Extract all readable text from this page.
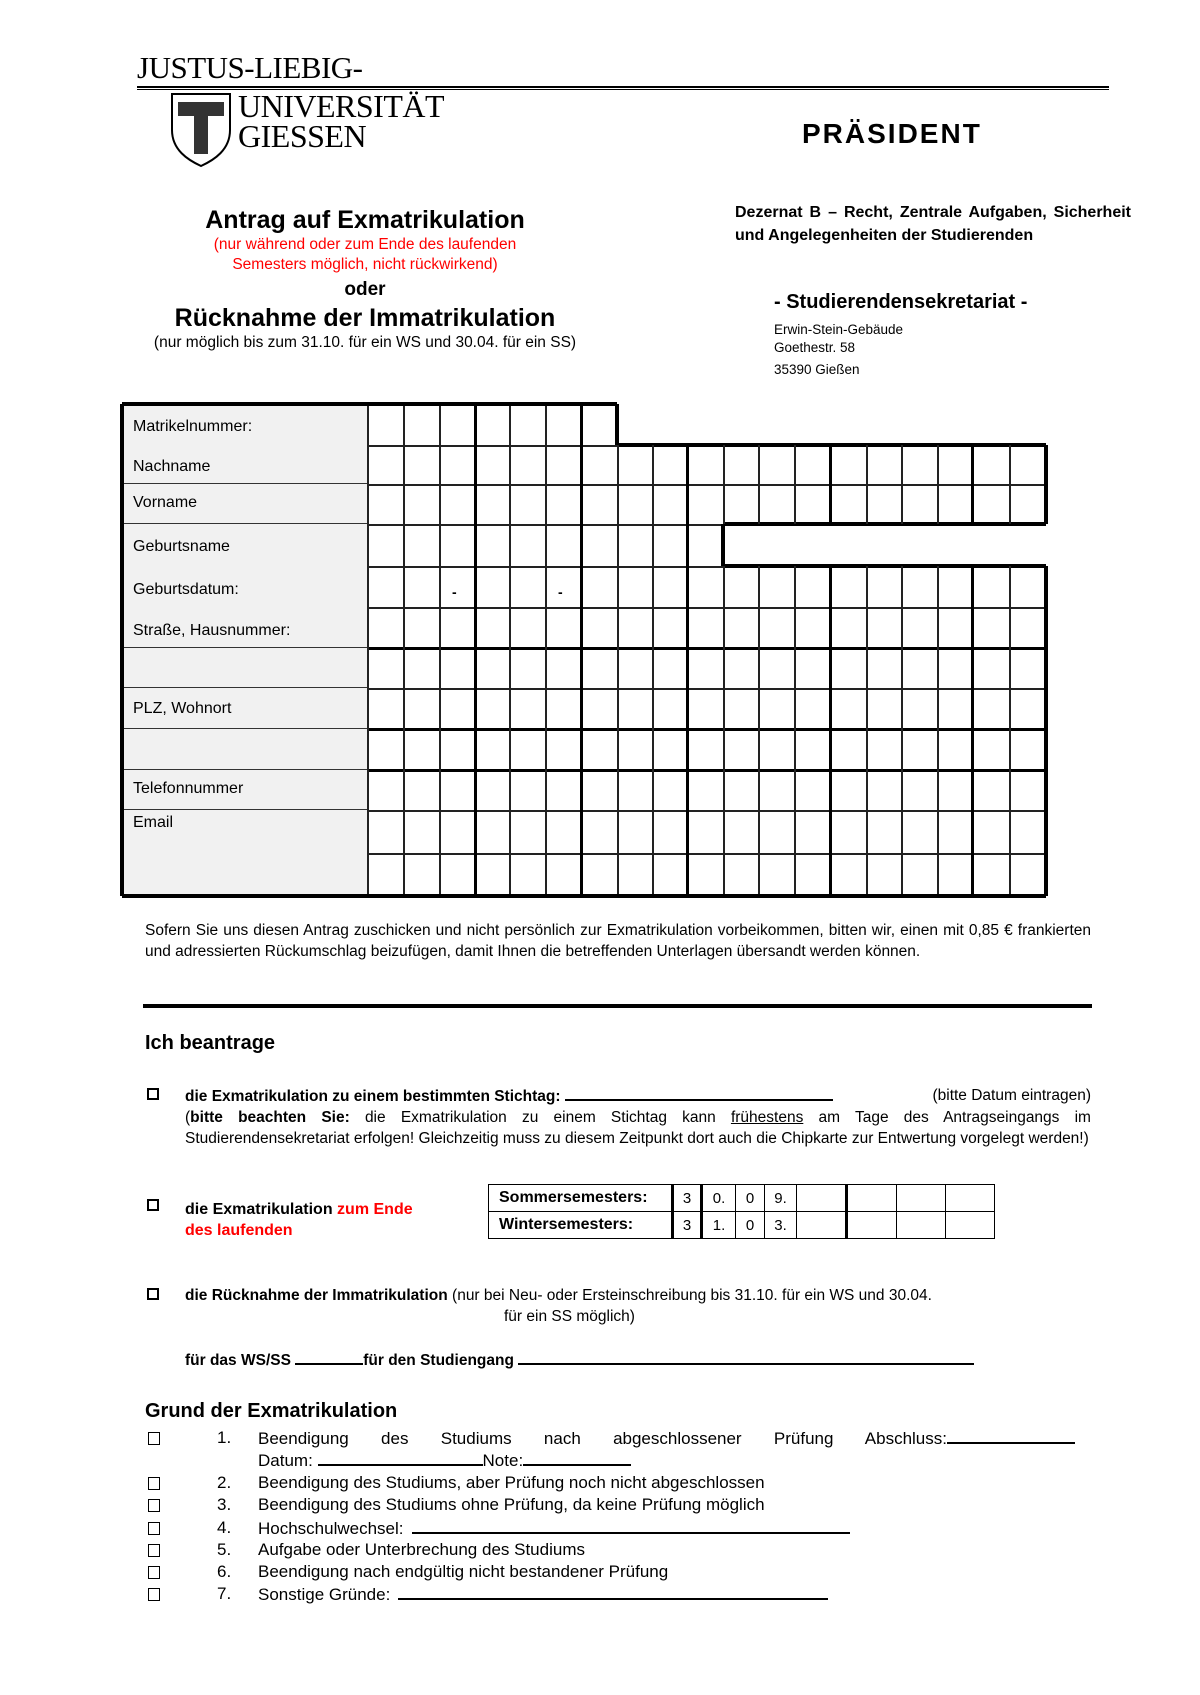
JUSTUS-LIEBIG-
UNIVERSITÄT
GIESSEN	PRÄSIDENT
Antrag auf Exmatrikulation
(nur während oder zum Ende des laufenden
Semesters möglich, nicht rückwirkend)
oder
Rücknahme der Immatrikulation
(nur möglich bis zum 31.10. für ein WS und 30.04. für ein SS)
Dezernat B – Recht, Zentrale Aufgaben, Sicherheit und Angelegenheiten der Studierenden
- Studierendensekretariat -
Erwin-Stein-Gebäude
Goethestr. 58
35390 Gießen
Matrikelnummer:
Nachname
Vorname
Geburtsname
Geburtsdatum:
Straße, Hausnummer:
PLZ, Wohnort
Telefonnummer
Email
-	-
Sofern Sie uns diesen Antrag zuschicken und nicht persönlich zur Exmatrikulation vorbeikommen, bitten wir, einen mit 0,85 € frankierten und adressierten Rückumschlag beizufügen, damit Ihnen die betreffenden Unterlagen übersandt werden können.
Ich beantrage
die Exmatrikulation zu einem bestimmten Stichtag:	(bitte Datum eintragen)
(bitte beachten Sie: die Exmatrikulation zu einem Stichtag kann frühestens am Tage des Antragseingangs im Studierendensekretariat erfolgen! Gleichzeitig muss zu diesem Zeitpunkt dort auch die Chipkarte zur Entwertung vorgelegt werden!)
die Exmatrikulation zum Ende
des laufenden
Sommersemesters:	3	0.	0	9.				
Wintersemesters:	3	1.	0	3.				
die Rücknahme der Immatrikulation (nur bei Neu- oder Ersteinschreibung bis 31.10. für ein WS und 30.04.
für ein SS möglich)
für das WS/SS	für den Studiengang
Grund der Exmatrikulation
1. Beendigung des Studiums nach abgeschlossener Prüfung Abschluss:
2. Beendigung des Studiums, aber Prüfung noch nicht abgeschlossen
3. Beendigung des Studiums ohne Prüfung, da keine Prüfung möglich
4. Hochschulwechsel:
5. Aufgabe oder Unterbrechung des Studiums
6. Beendigung nach endgültig nicht bestandener Prüfung
7. Sonstige Gründe:
Datum:	Note:
